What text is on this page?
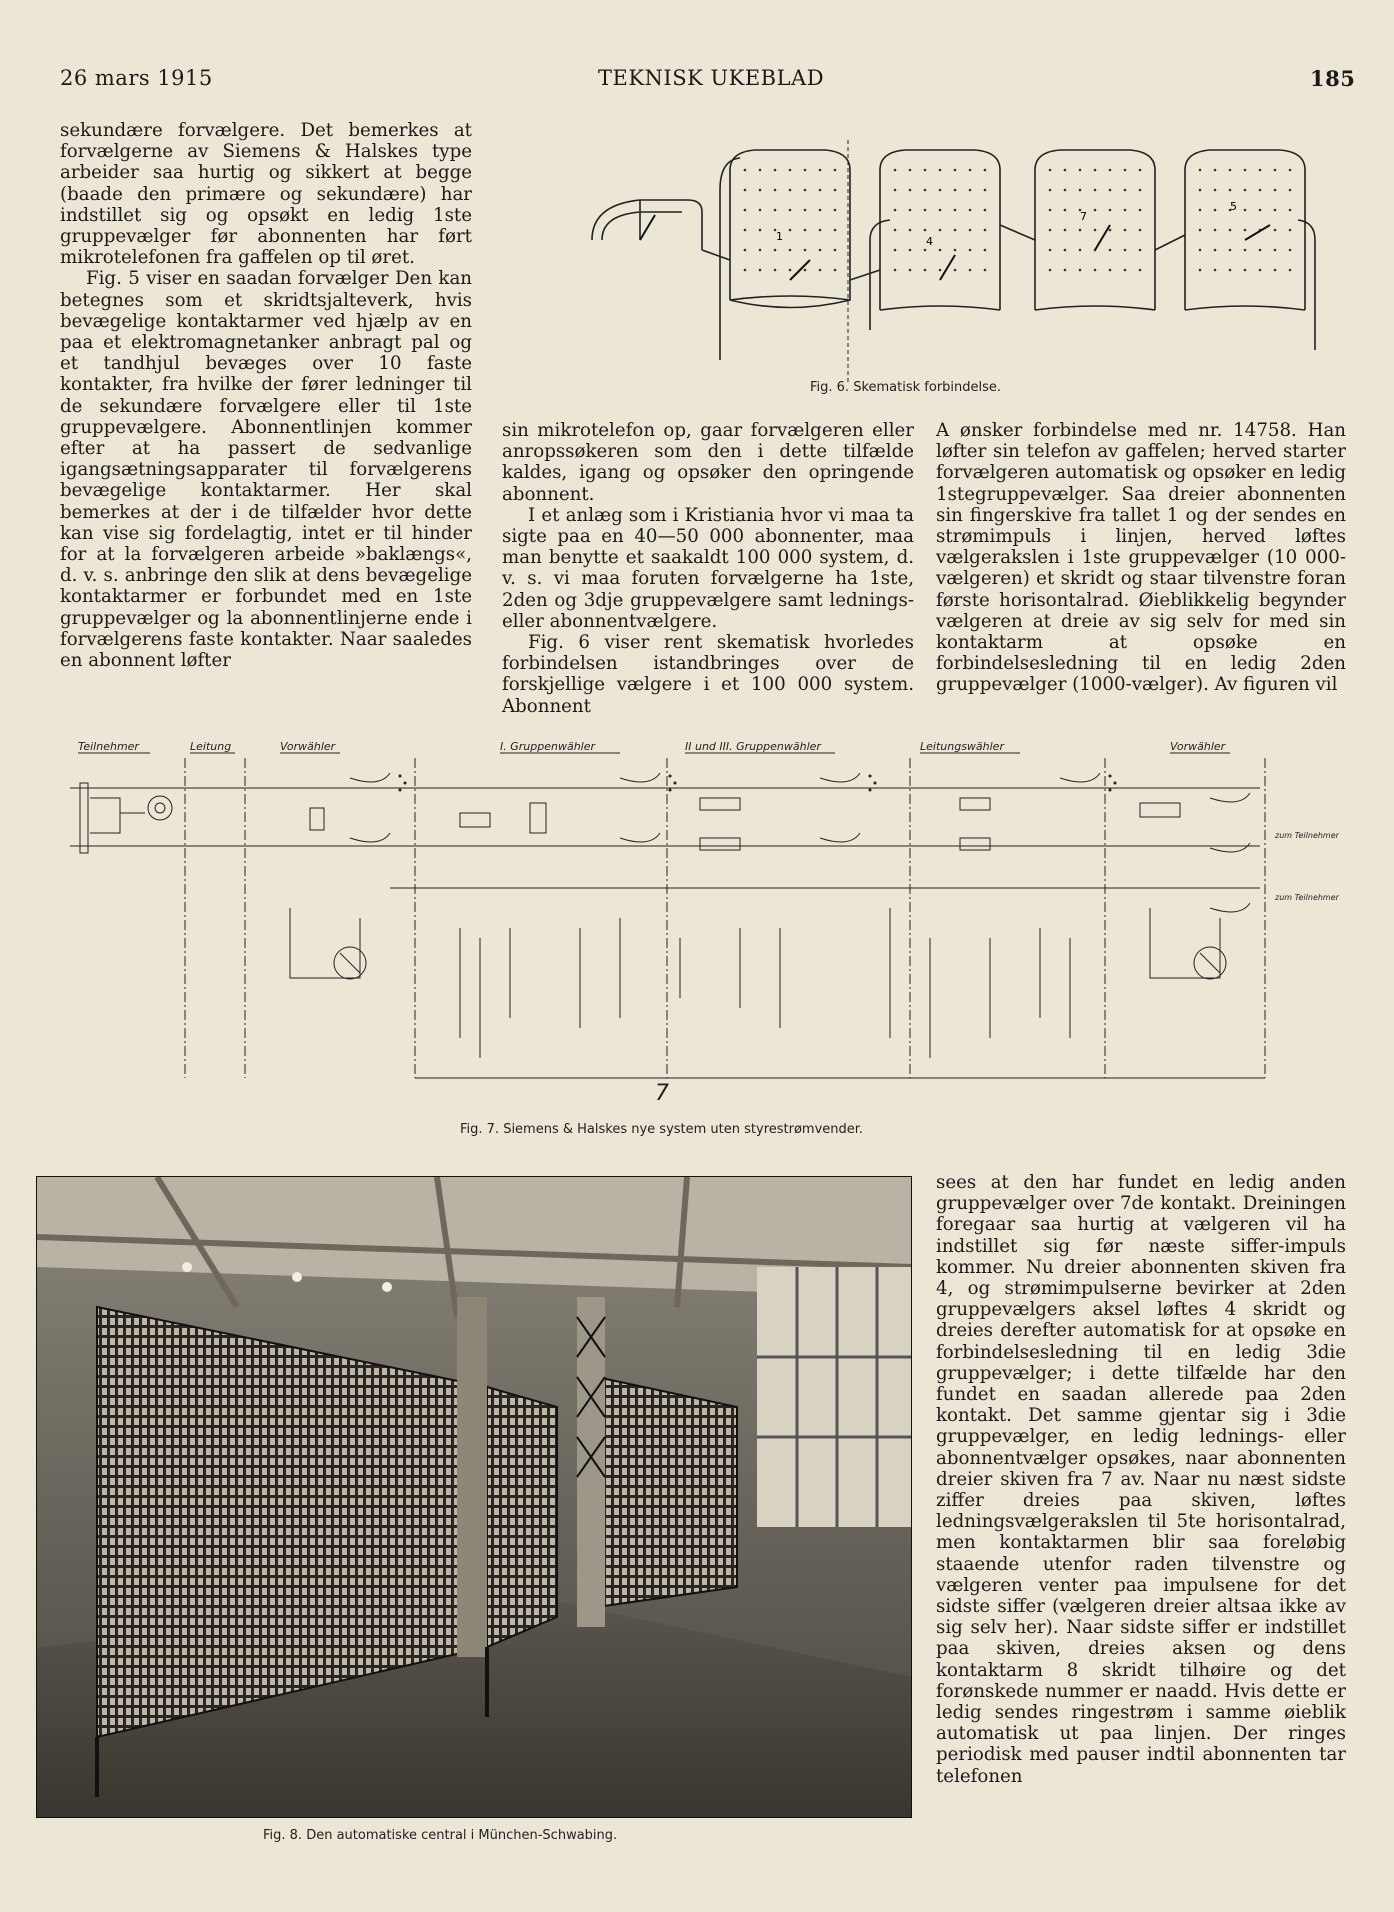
26 mars 1915	TEKNISK UKEBLAD	185

sekundære forvælgere. Det bemerkes at forvælgerne av Siemens & Halskes type arbeider saa hurtig og sikkert at begge (baade den primære og sekundære) har indstillet sig og opsøkt en ledig 1ste gruppevælger før abonnenten har ført mikrotelefonen fra gaffelen op til øret.

Fig. 5 viser en saadan forvælger Den kan betegnes som et skridtsjalteverk, hvis bevægelige kontaktarmer ved hjælp av en paa et elektromagnetanker anbragt pal og et tandhjul bevæges over 10 faste kontakter, fra hvilke der fører ledninger til de sekundære forvælgere eller til 1ste gruppevælgere. Abonnentlinjen kommer efter at ha passert de sedvanlige igangsætningsapparater til forvælgerens bevægelige kontaktarmer. Her skal bemerkes at der i de tilfælder hvor dette kan vise sig fordelagtig, intet er til hinder for at la forvælgeren arbeide »baklængs«, d. v. s. anbringe den slik at dens bevægelige kontaktarmer er forbundet med en 1ste gruppevælger og la abonnentlinjerne ende i forvælgerens faste kontakter. Naar saaledes en abonnent løfter

1	4
7
5
Fig. 6. Skematisk forbindelse.

sin mikrotelefon op, gaar forvælgeren eller anropssøkeren som den i dette tilfælde kaldes, igang og opsøker den opringende abonnent.

I et anlæg som i Kristiania hvor vi maa ta sigte paa en 40—50 000 abonnenter, maa man benytte et saakaldt 100 000 system, d. v. s. vi maa foruten forvælgerne ha 1ste, 2den og 3dje gruppevælgere samt lednings- eller abonnentvælgere.

Fig. 6 viser rent skematisk hvorledes forbindelsen istandbringes over de forskjellige vælgere i et 100 000 system. Abonnent

A ønsker forbindelse med nr. 14758. Han løfter sin telefon av gaffelen; herved starter forvælgeren automatisk og opsøker en ledig 1stegruppevælger. Saa dreier abonnenten sin fingerskive fra tallet 1 og der sendes en strømimpuls i linjen, herved løftes vælgerakslen i 1ste gruppevælger (10 000-vælgeren) et skridt og staar tilvenstre foran første horisontalrad. Øieblikkelig begynder vælgeren at dreie av sig selv for med sin kontaktarm at opsøke en forbindelsesledning til en ledig 2den gruppevælger (1000-vælger). Av figuren vil

Teilnehmer	Leitung	Vorwähler	I. Gruppenwähler	II und III. Gruppenwähler	Leitungswähler	Vorwähler
zum Teilnehmer
zum Teilnehmer
7
Fig. 7. Siemens & Halskes nye system uten styrestrømvender.
Fig. 8. Den automatiske central i München-Schwabing.

sees at den har fundet en ledig anden gruppevælger over 7de kontakt. Dreiningen foregaar saa hurtig at vælgeren vil ha indstillet sig før næste siffer-impuls kommer. Nu dreier abonnenten skiven fra 4, og strømimpulserne bevirker at 2den gruppevælgers aksel løftes 4 skridt og dreies derefter automatisk for at opsøke en forbindelsesledning til en ledig 3die gruppevælger; i dette tilfælde har den fundet en saadan allerede paa 2den kontakt. Det samme gjentar sig i 3die gruppevælger, en ledig lednings- eller abonnentvælger opsøkes, naar abonnenten dreier skiven fra 7 av. Naar nu næst sidste ziffer dreies paa skiven, løftes ledningsvælgerakslen til 5te horisontalrad, men kontaktarmen blir saa foreløbig staaende utenfor raden tilvenstre og vælgeren venter paa impulsene for det sidste siffer (vælgeren dreier altsaa ikke av sig selv her). Naar sidste siffer er indstillet paa skiven, dreies aksen og dens kontaktarm 8 skridt tilhøire og det forønskede nummer er naadd. Hvis dette er ledig sendes ringestrøm i samme øieblik automatisk ut paa linjen. Der ringes periodisk med pauser indtil abonnenten tar telefonen
